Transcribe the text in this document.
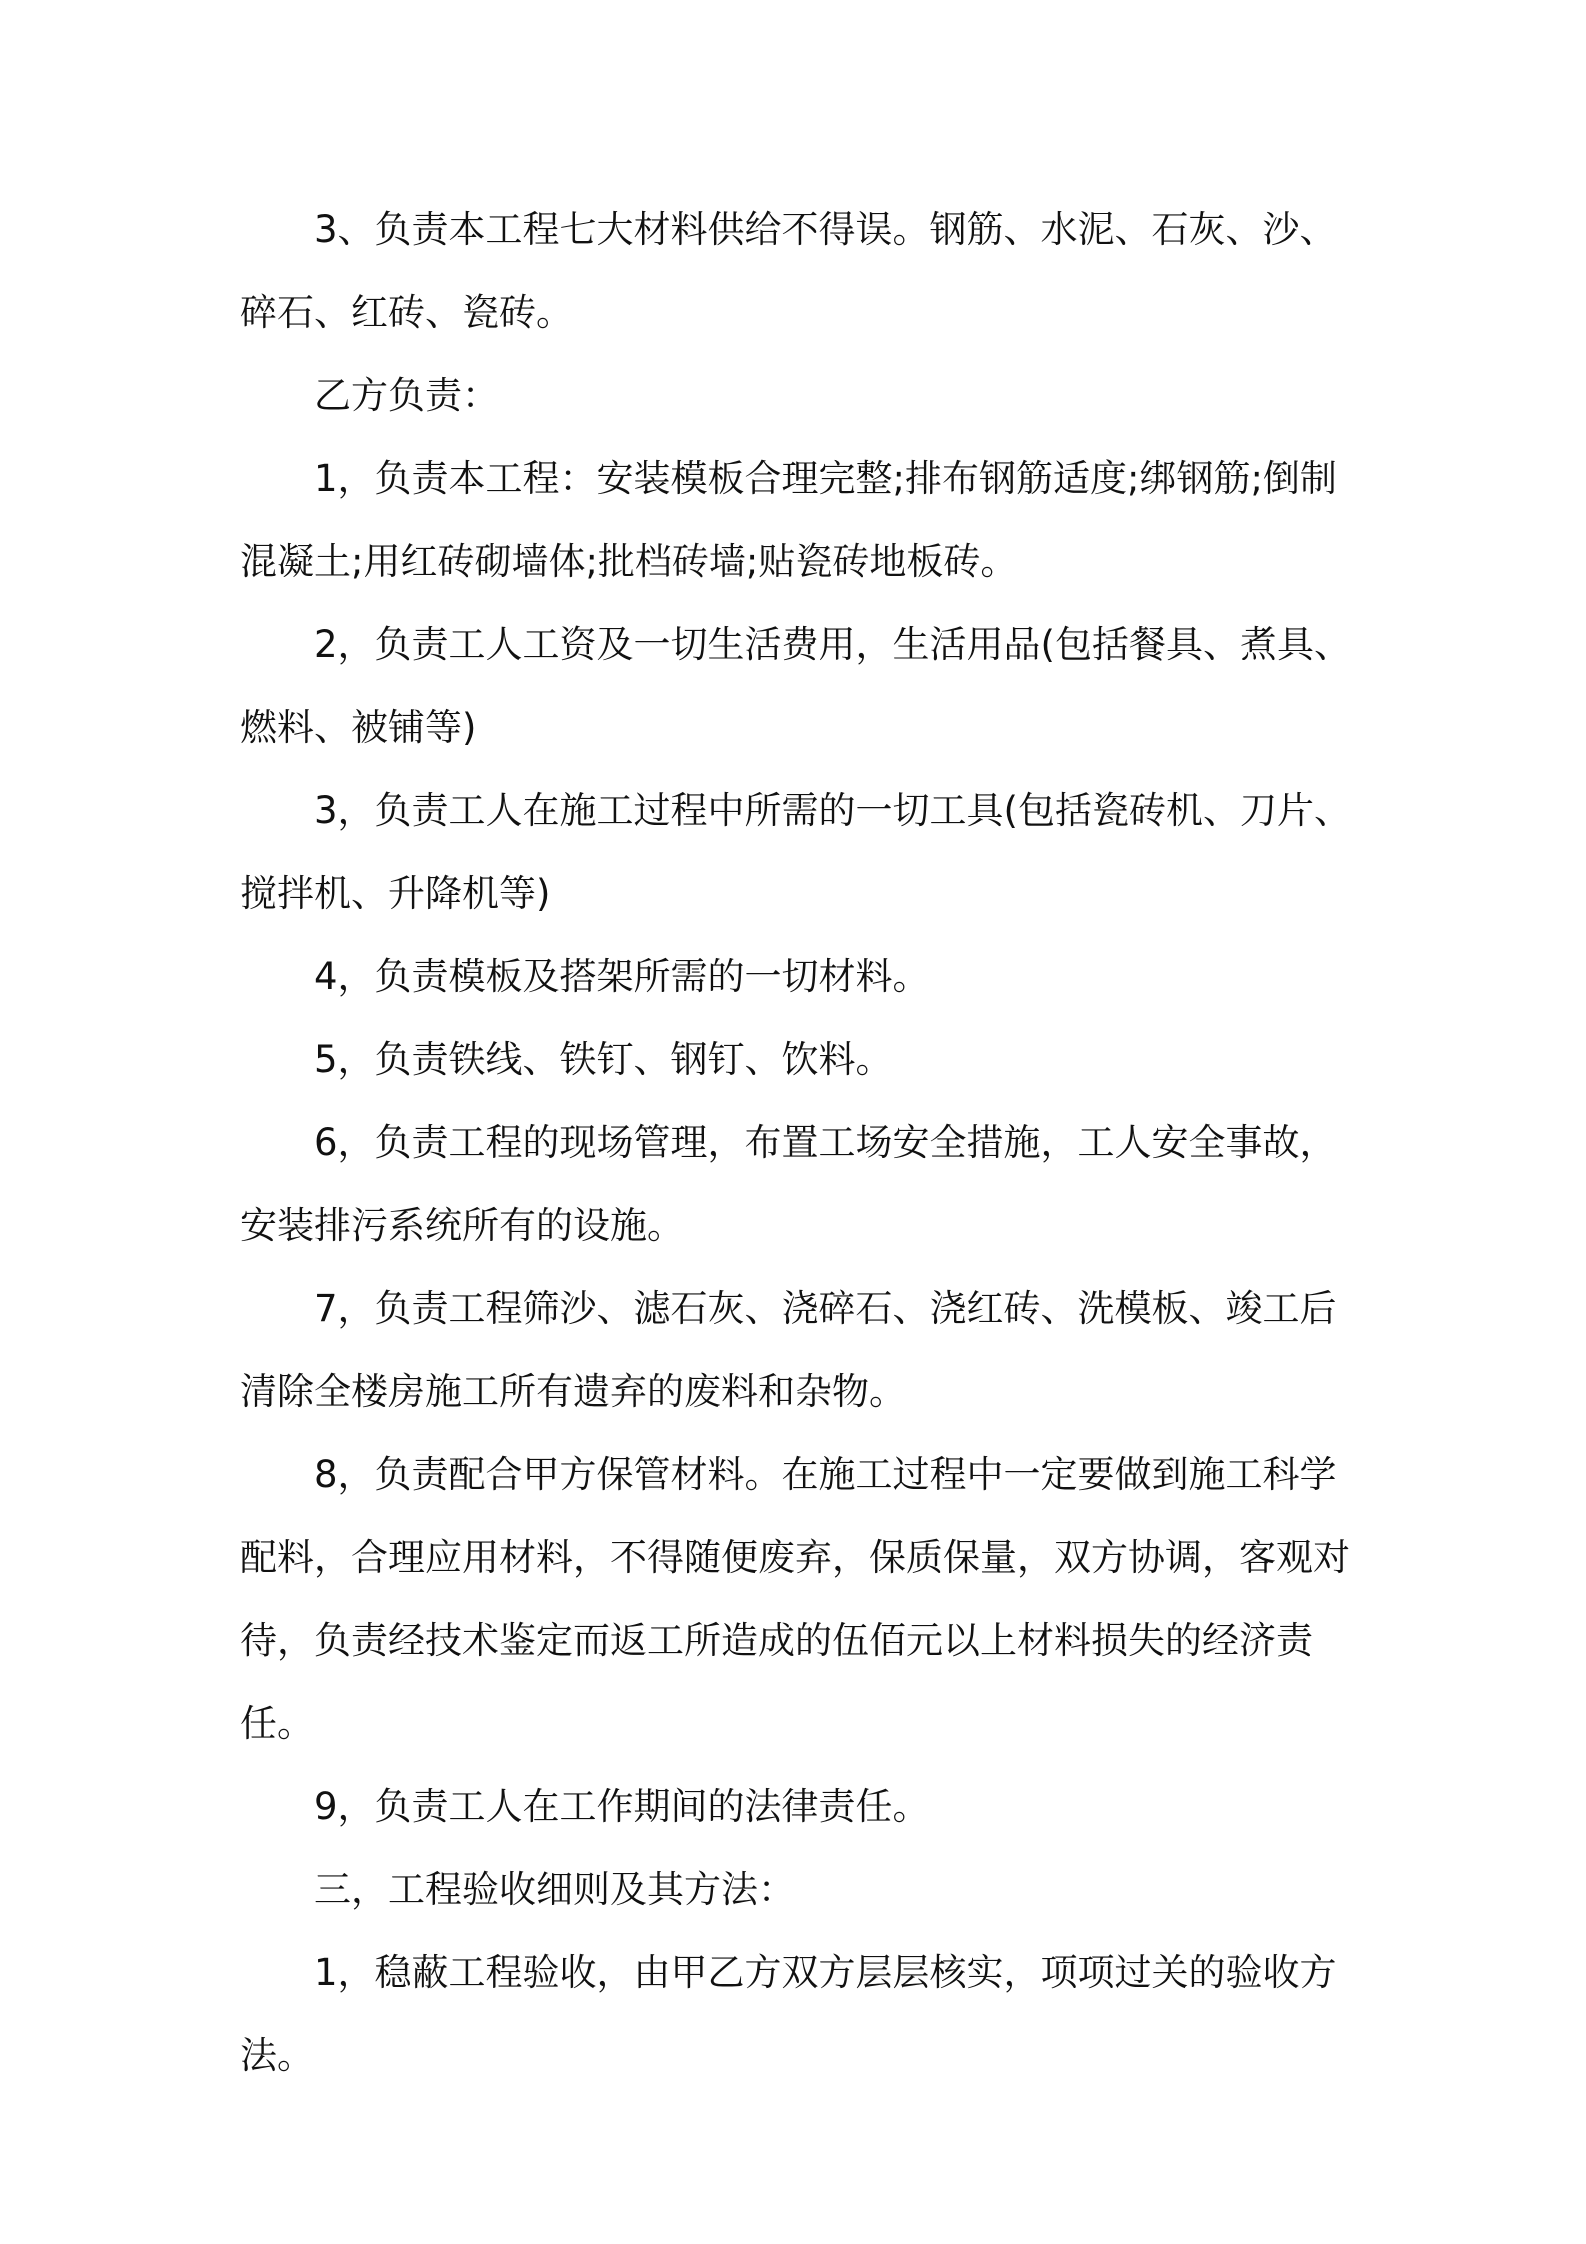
3、负责本工程七大材料供给不得误。钢筋、水泥、石灰、沙、碎石、红砖、瓷砖。

乙方负责：

1，负责本工程：安装模板合理完整;排布钢筋适度;绑钢筋;倒制混凝土;用红砖砌墙体;批档砖墙;贴瓷砖地板砖。

2，负责工人工资及一切生活费用，生活用品(包括餐具、煮具、燃料、被铺等)

3，负责工人在施工过程中所需的一切工具(包括瓷砖机、刀片、搅拌机、升降机等)

4，负责模板及搭架所需的一切材料。

5，负责铁线、铁钉、钢钉、饮料。

6，负责工程的现场管理，布置工场安全措施，工人安全事故，安装排污系统所有的设施。

7，负责工程筛沙、滤石灰、浇碎石、浇红砖、洗模板、竣工后清除全楼房施工所有遗弃的废料和杂物。

8，负责配合甲方保管材料。在施工过程中一定要做到施工科学配料，合理应用材料，不得随便废弃，保质保量，双方协调，客观对待，负责经技术鉴定而返工所造成的伍佰元以上材料损失的经济责任。

9，负责工人在工作期间的法律责任。

三，工程验收细则及其方法：

1，稳蔽工程验收，由甲乙方双方层层核实，项项过关的验收方法。
